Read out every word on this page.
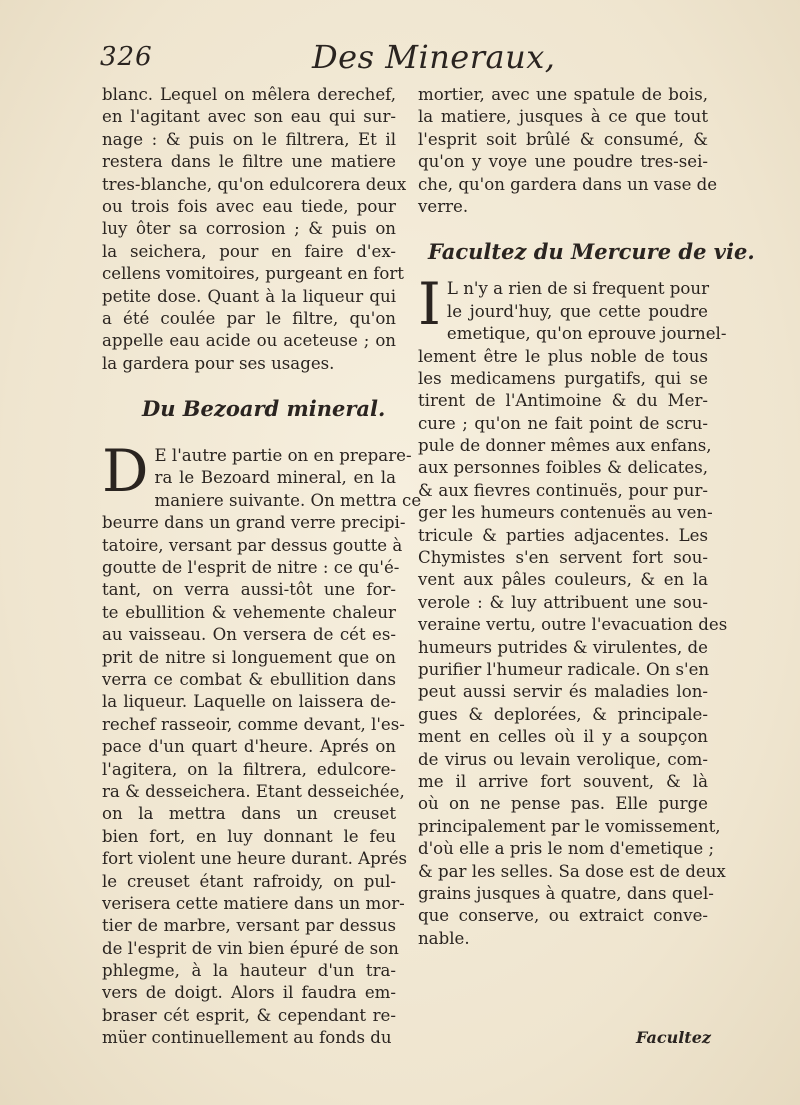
326	Des Mineraux,
blanc. Lequel on mêlera derechef,
en l'agitant avec son eau qui sur-
nage : & puis on le filtrera, Et il
restera dans le filtre une matiere
tres-blanche, qu'on edulcorera deux
ou trois fois avec eau tiede, pour
luy ôter sa corrosion ; & puis on
la seichera, pour en faire d'ex-
cellens vomitoires, purgeant en fort
petite dose. Quant à la liqueur qui
a été coulée par le filtre, qu'on
appelle eau acide ou aceteuse ; on
la gardera pour ses usages.
Du Bezoard mineral.
D E l'autre partie on en prepare-
ra le Bezoard mineral, en la
maniere suivante. On mettra ce
beurre dans un grand verre precipi-
tatoire, versant par dessus goutte à
goutte de l'esprit de nitre : ce qu'é-
tant, on verra aussi-tôt une for-
te ebullition & vehemente chaleur
au vaisseau. On versera de cét es-
prit de nitre si longuement que on
verra ce combat & ebullition dans
la liqueur. Laquelle on laissera de-
rechef rasseoir, comme devant, l'es-
pace d'un quart d'heure. Aprés on
l'agitera, on la filtrera, edulcore-
ra & desseichera. Etant desseichée,
on la mettra dans un creuset
bien fort, en luy donnant le feu
fort violent une heure durant. Aprés
le creuset étant rafroidy, on pul-
verisera cette matiere dans un mor-
tier de marbre, versant par dessus
de l'esprit de vin bien épuré de son
phlegme, à la hauteur d'un tra-
vers de doigt. Alors il faudra em-
braser cét esprit, & cependant re-
müer continuellement au fonds du
mortier, avec une spatule de bois,
la matiere, jusques à ce que tout
l'esprit soit brûlé & consumé, &
qu'on y voye une poudre tres-sei-
che, qu'on gardera dans un vase de
verre.
Facultez du Mercure de vie.
I L n'y a rien de si frequent pour
le jourd'huy, que cette poudre
emetique, qu'on eprouve journel-
lement être le plus noble de tous
les medicamens purgatifs, qui se
tirent de l'Antimoine & du Mer-
cure ; qu'on ne fait point de scru-
pule de donner mêmes aux enfans,
aux personnes foibles & delicates,
& aux fievres continuës, pour pur-
ger les humeurs contenuës au ven-
tricule & parties adjacentes. Les
Chymistes s'en servent fort sou-
vent aux pâles couleurs, & en la
verole : & luy attribuent une sou-
veraine vertu, outre l'evacuation des
humeurs putrides & virulentes, de
purifier l'humeur radicale. On s'en
peut aussi servir és maladies lon-
gues & deplorées, & principale-
ment en celles où il y a soupçon
de virus ou levain verolique, com-
me il arrive fort souvent, & là
où on ne pense pas. Elle purge
principalement par le vomissement,
d'où elle a pris le nom d'emetique ;
& par les selles. Sa dose est de deux
grains jusques à quatre, dans quel-
que conserve, ou extraict conve-
nable.
Facultez
